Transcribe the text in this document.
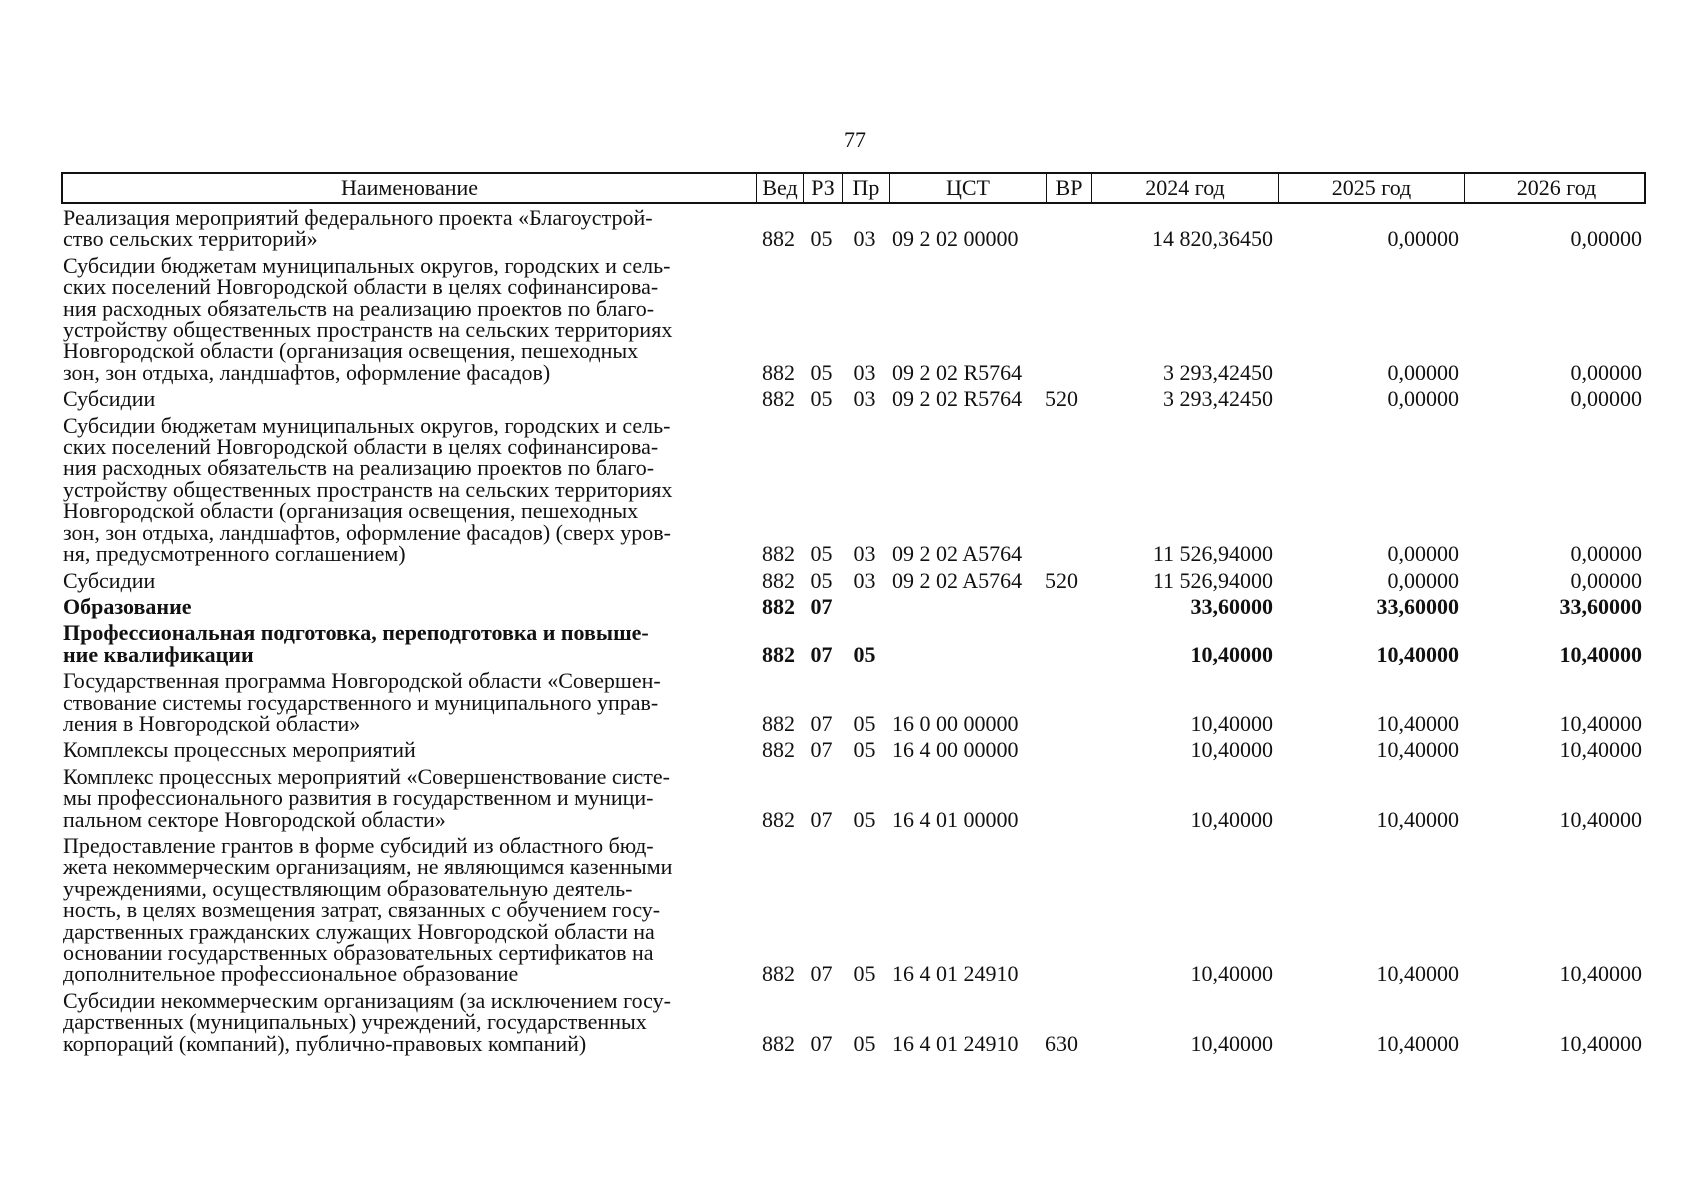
77
Наименование	Вед РЗ Пр	ЦСТ	ВР	2024 год	2025 год	2026 год
Реализация мероприятий федерального проекта «Благоустрой-
ство сельских территорий»	882 05 03 09 2 02 00000	14 820,36450	0,00000	0,00000
Субсидии бюджетам муниципальных округов, городских и сель-
ских поселений Новгородской области в целях софинансирова-
ния расходных обязательств на реализацию проектов по благо-
устройству общественных пространств на сельских территориях
Новгородской области (организация освещения, пешеходных
зон, зон отдыха, ландшафтов, оформление фасадов)	882 05 03 09 2 02 R5764	3 293,42450	0,00000	0,00000
Субсидии	882 05 03 09 2 02 R5764	520	3 293,42450	0,00000	0,00000
Субсидии бюджетам муниципальных округов, городских и сель-
ских поселений Новгородской области в целях софинансирова-
ния расходных обязательств на реализацию проектов по благо-
устройству общественных пространств на сельских территориях
Новгородской области (организация освещения, пешеходных
зон, зон отдыха, ландшафтов, оформление фасадов) (сверх уров-
ня, предусмотренного соглашением)	882 05 03 09 2 02 A5764	11 526,94000	0,00000	0,00000
Субсидии	882 05 03 09 2 02 A5764	520	11 526,94000	0,00000	0,00000
Образование	882 07	33,60000	33,60000	33,60000
Профессиональная подготовка, переподготовка и повыше-
ние квалификации	882 07 05	10,40000	10,40000	10,40000
Государственная программа Новгородской области «Совершен-
ствование системы государственного и муниципального управ-
ления в Новгородской области»	882 07 05 16 0 00 00000	10,40000	10,40000	10,40000
Комплексы процессных мероприятий	882 07 05 16 4 00 00000	10,40000	10,40000	10,40000
Комплекс процессных мероприятий «Совершенствование систе-
мы профессионального развития в государственном и муници-
пальном секторе Новгородской области»	882 07 05 16 4 01 00000	10,40000	10,40000	10,40000
Предоставление грантов в форме субсидий из областного бюд-
жета некоммерческим организациям, не являющимся казенными
учреждениями, осуществляющим образовательную деятель-
ность, в целях возмещения затрат, связанных с обучением госу-
дарственных гражданских служащих Новгородской области на
основании государственных образовательных сертификатов на
дополнительное профессиональное образование	882 07 05 16 4 01 24910	10,40000	10,40000	10,40000
Субсидии некоммерческим организациям (за исключением госу-
дарственных (муниципальных) учреждений, государственных
корпораций (компаний), публично-правовых компаний)	882 07 05 16 4 01 24910	630	10,40000	10,40000	10,40000
